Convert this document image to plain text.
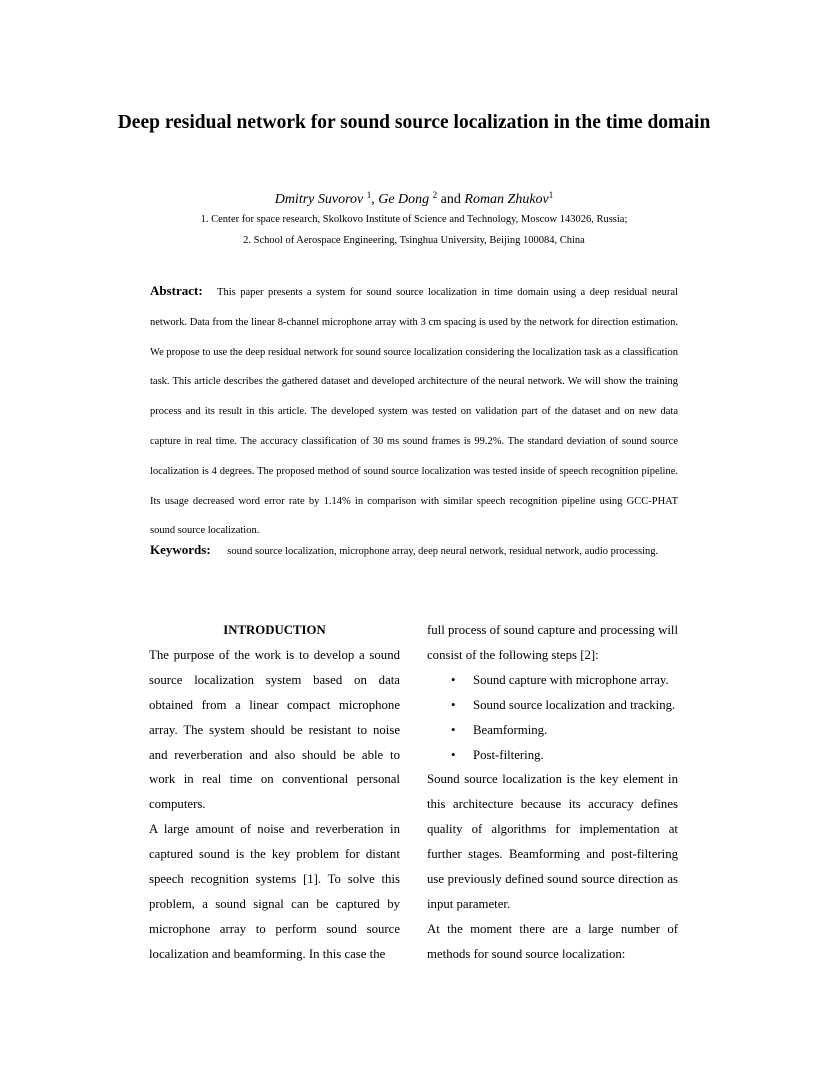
Deep residual network for sound source localization in the time domain
Dmitry Suvorov $^1$, Ge Dong $^2$ and Roman Zhukov$^1$
1. Center for space research, Skolkovo Institute of Science and Technology, Moscow 143026, Russia;
2. School of Aerospace Engineering, Tsinghua University, Beijing 100084, China
Abstract: This paper presents a system for sound source localization in time domain using a deep residual neural network. Data from the linear 8-channel microphone array with 3 cm spacing is used by the network for direction estimation. We propose to use the deep residual network for sound source localization considering the localization task as a classification task. This article describes the gathered dataset and developed architecture of the neural network. We will show the training process and its result in this article. The developed system was tested on validation part of the dataset and on new data capture in real time. The accuracy classification of 30 ms sound frames is 99.2%. The standard deviation of sound source localization is 4 degrees. The proposed method of sound source localization was tested inside of speech recognition pipeline. Its usage decreased word error rate by 1.14% in comparison with similar speech recognition pipeline using GCC-PHAT sound source localization.
Keywords: sound source localization, microphone array, deep neural network, residual network, audio processing.

INTRODUCTION

The purpose of the work is to develop a sound source localization system based on data obtained from a linear compact microphone array. The system should be resistant to noise and reverberation and also should be able to work in real time on conventional personal computers.

A large amount of noise and reverberation in captured sound is the key problem for distant speech recognition systems [1]. To solve this problem, a sound signal can be captured by microphone array to perform sound source localization and beamforming. In this case the

full process of sound capture and processing will consist of the following steps [2]:

• Sound capture with microphone array.
• Sound source localization and tracking.
• Beamforming.
• Post-filtering.

Sound source localization is the key element in this architecture because its accuracy defines quality of algorithms for implementation at further stages. Beamforming and post-filtering use previously defined sound source direction as input parameter.

At the moment there are a large number of methods for sound source localization:
